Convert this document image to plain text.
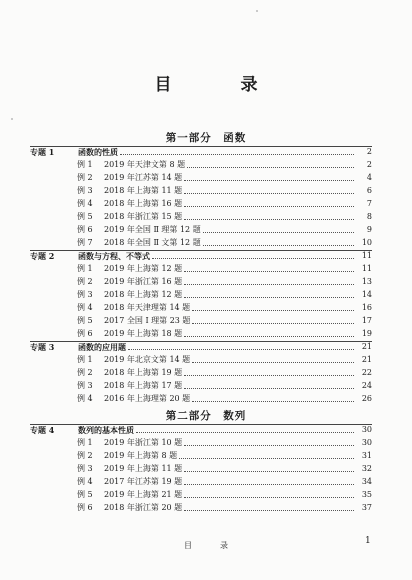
目　录
第一部分　函数
专题 1	函数的性质	2
例 1	2019 年天津文第 8 题	2
例 2	2019 年江苏第 14 题	4
例 3	2018 年上海第 11 题	6
例 4	2018 年上海第 16 题	7
例 5	2018 年浙江第 15 题	8
例 6	2019 年全国 Ⅱ 理第 12 题	9
例 7	2018 年全国 Ⅱ 文第 12 题	10
专题 2	函数与方程、不等式	11
例 1	2019 年上海第 12 题	11
例 2	2019 年浙江第 16 题	13
例 3	2018 年上海第 12 题	14
例 4	2018 年天津理第 14 题	16
例 5	2017 全国 Ⅰ 理第 23 题	17
例 6	2019 年上海第 18 题	19
专题 3	函数的应用题	21
例 1	2019 年北京文第 14 题	21
例 2	2018 年上海第 19 题	22
例 3	2018 年上海第 17 题	24
例 4	2016 年上海理第 20 题	26
第二部分　数列
专题 4	数列的基本性质	30
例 1	2019 年浙江第 10 题	30
例 2	2019 年上海第 8 题	31
例 3	2019 年上海第 11 题	32
例 4	2017 年江苏第 19 题	34
例 5	2019 年上海第 21 题	35
例 6	2018 年浙江第 20 题	37
目　录	1
